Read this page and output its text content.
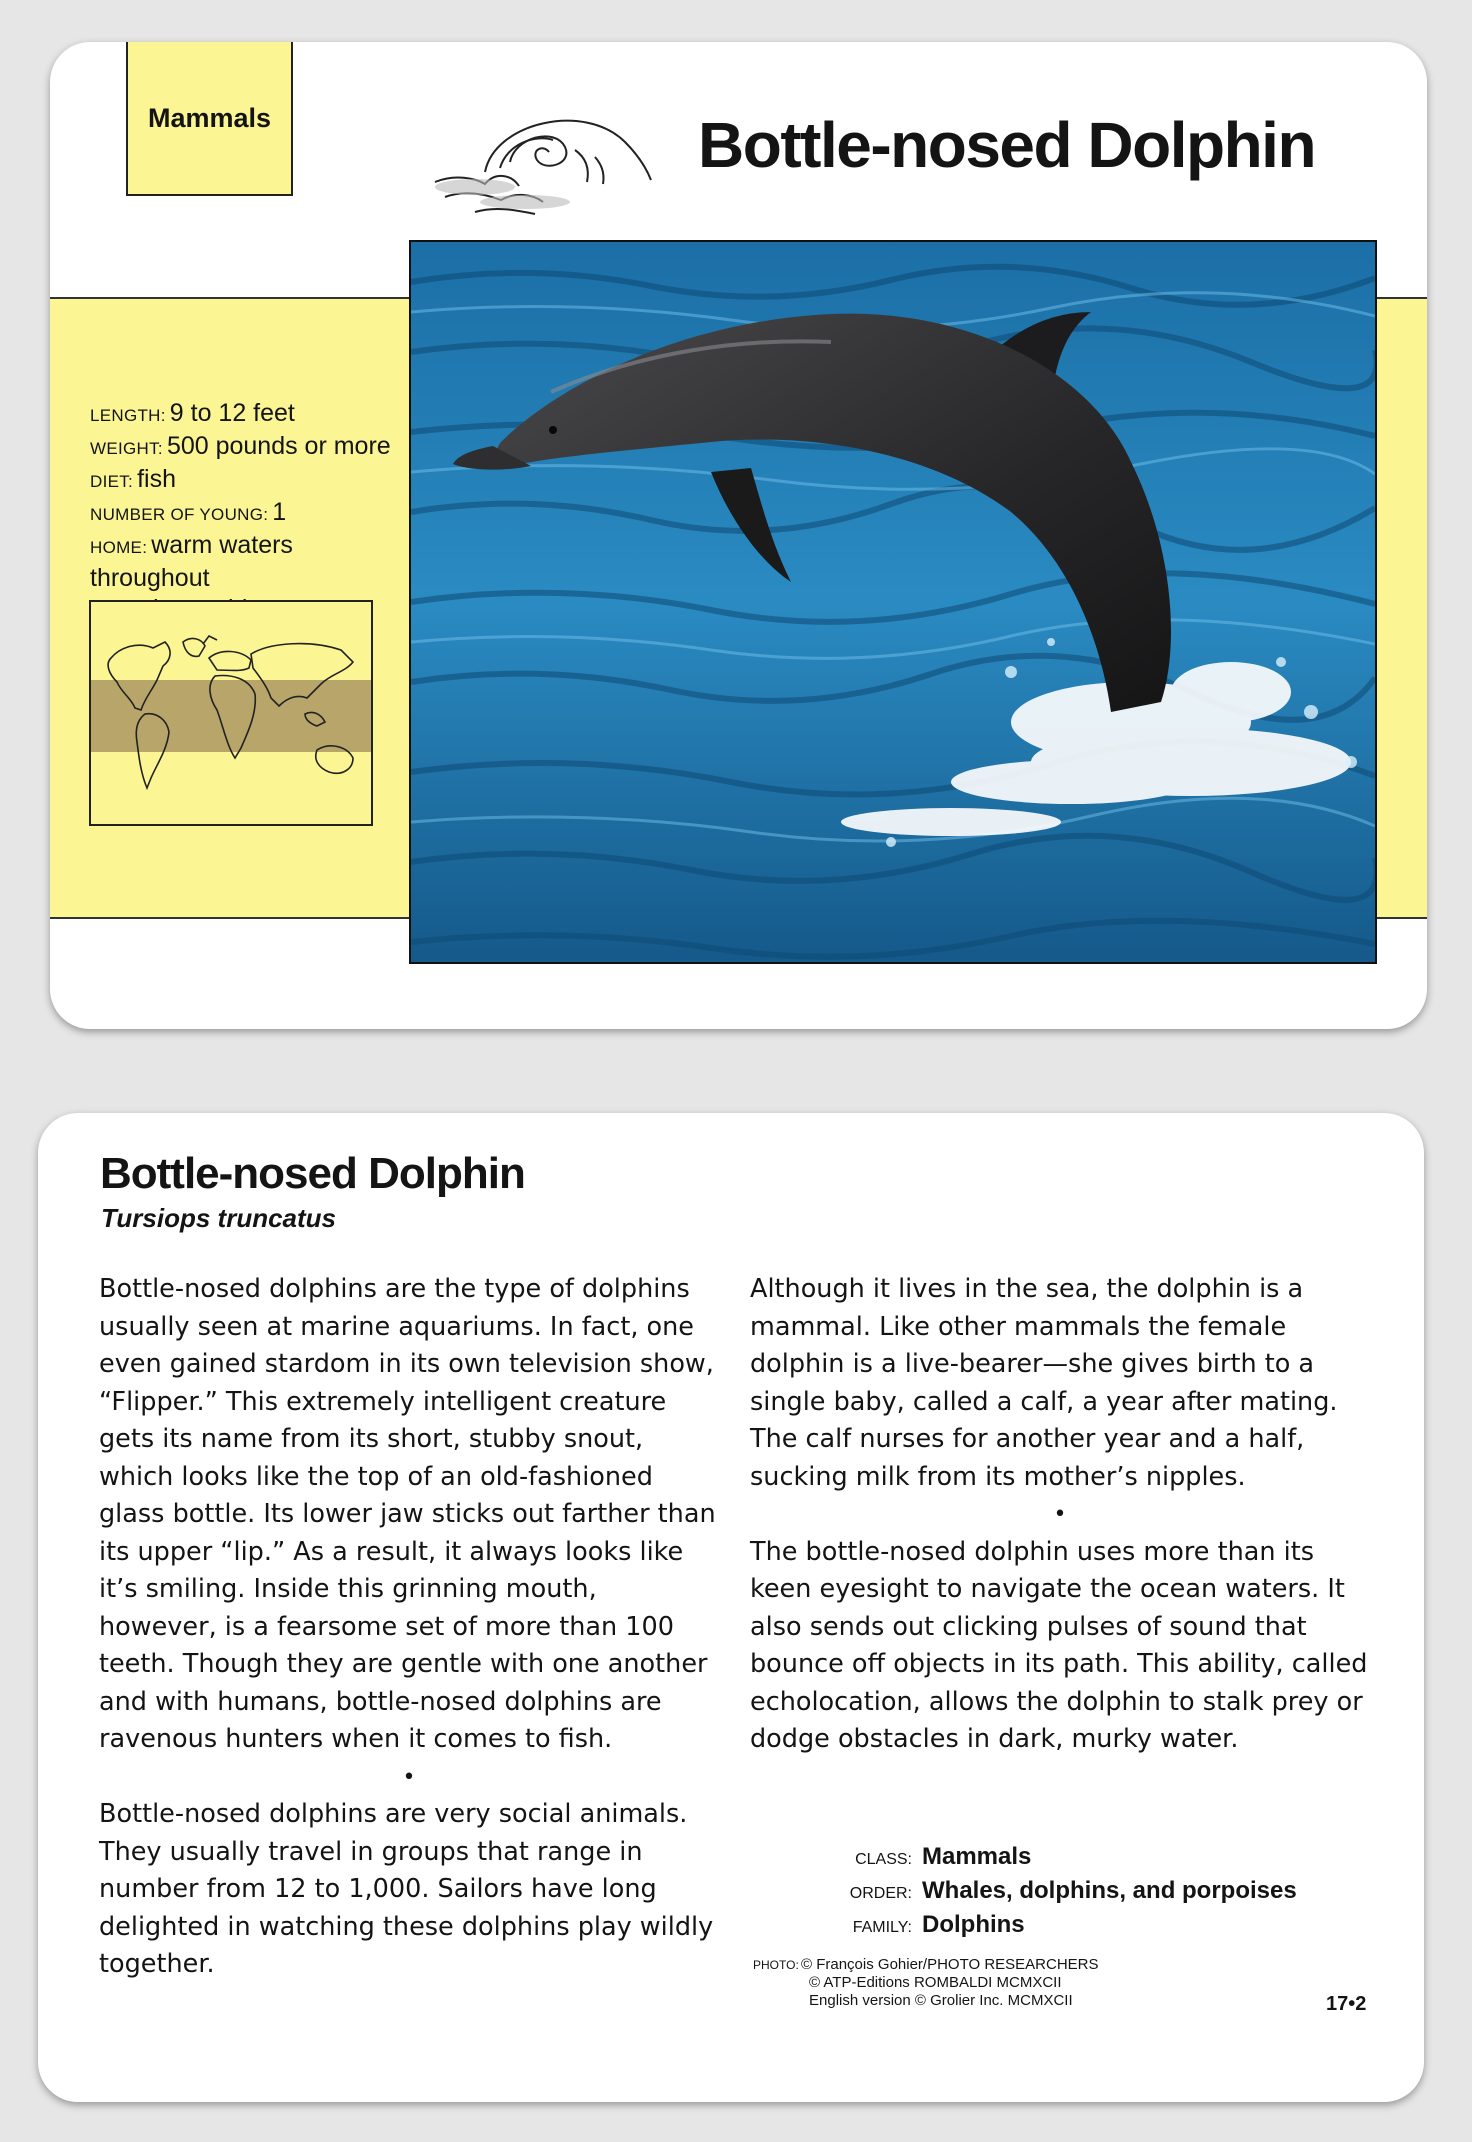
Mammals	Bottle-nosed Dolphin
LENGTH: 9 to 12 feet
WEIGHT: 500 pounds or more
DIET: fish
NUMBER OF YOUNG: 1
HOME: warm waters throughout
Bottle-nosed Dolphin
Tursiops truncatus

Bottle-nosed dolphins are the type of dolphins usually seen at marine aquariums. In fact, one even gained stardom in its own television show, “Flipper.” This extremely intelligent creature gets its name from its short, stubby snout, which looks like the top of an old-fashioned glass bottle. Its lower jaw sticks out farther than its upper “lip.” As a result, it always looks like it’s smiling. Inside this grinning mouth, however, is a fearsome set of more than 100 teeth. Though they are gentle with one another and with humans, bottle-nosed dolphins are ravenous hunters when it comes to fish.

•

Bottle-nosed dolphins are very social animals. They usually travel in groups that range in number from 12 to 1,000. Sailors have long delighted in watching these dolphins play wildly together.

Although it lives in the sea, the dolphin is a mammal. Like other mammals the female dolphin is a live-bearer—she gives birth to a single baby, called a calf, a year after mating. The calf nurses for another year and a half, sucking milk from its mother’s nipples.

•

The bottle-nosed dolphin uses more than its keen eyesight to navigate the ocean waters. It also sends out clicking pulses of sound that bounce off objects in its path. This ability, called echolocation, allows the dolphin to stalk prey or dodge obstacles in dark, murky water.

CLASS: Mammals
ORDER: Whales, dolphins, and porpoises
FAMILY: Dolphins
PHOTO: © François Gohier/PHOTO RESEARCHERS
© ATP-Editions ROMBALDI MCMXCII
English version © Grolier Inc. MCMXCII	17•2
